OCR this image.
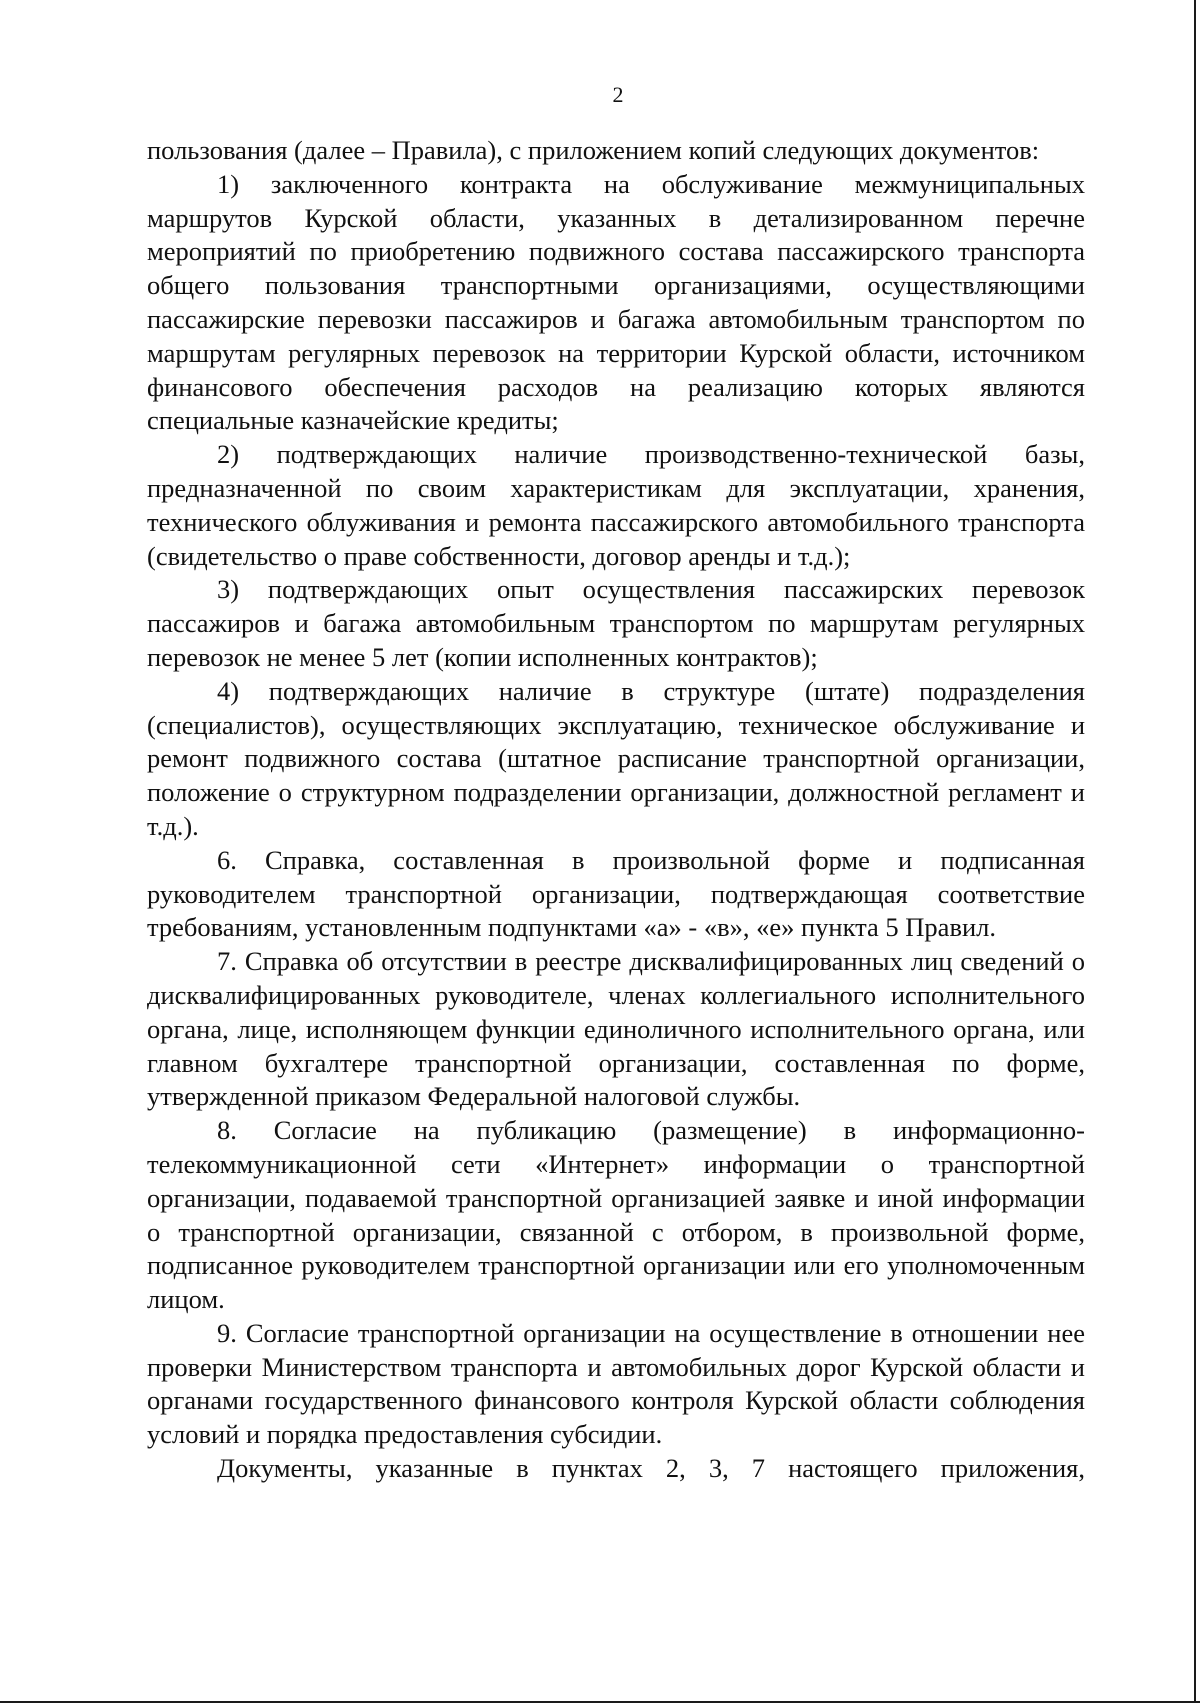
2

пользования (далее – Правила), с приложением копий следующих документов:

1) заключенного контракта на обслуживание межмуниципальных маршрутов Курской области, указанных в детализированном перечне мероприятий по приобретению подвижного состава пассажирского транспорта общего пользования транспортными организациями, осуществляющими пассажирские перевозки пассажиров и багажа автомобильным транспортом по маршрутам регулярных перевозок на территории Курской области, источником финансового обеспечения расходов на реализацию которых являются специальные казначейские кредиты;

2) подтверждающих наличие производственно-технической базы, предназначенной по своим характеристикам для эксплуатации, хранения, технического облуживания и ремонта пассажирского автомобильного транспорта (свидетельство о праве собственности, договор аренды и т.д.);

3) подтверждающих опыт осуществления пассажирских перевозок пассажиров и багажа автомобильным транспортом по маршрутам регулярных перевозок не менее 5 лет (копии исполненных контрактов);

4) подтверждающих наличие в структуре (штате) подразделения (специалистов), осуществляющих эксплуатацию, техническое обслуживание и ремонт подвижного состава (штатное расписание транспортной организации, положение о структурном подразделении организации, должностной регламент и т.д.).

6. Справка, составленная в произвольной форме и подписанная руководителем транспортной организации, подтверждающая соответствие требованиям, установленным подпунктами «а» - «в», «е» пункта 5 Правил.

7. Справка об отсутствии в реестре дисквалифицированных лиц сведений о дисквалифицированных руководителе, членах коллегиального исполнительного органа, лице, исполняющем функции единоличного исполнительного органа, или главном бухгалтере транспортной организации, составленная по форме, утвержденной приказом Федеральной налоговой службы.

8. Согласие на публикацию (размещение) в информационно-телекоммуникационной сети «Интернет» информации о транспортной организации, подаваемой транспортной организацией заявке и иной информации о транспортной организации, связанной с отбором, в произвольной форме, подписанное руководителем транспортной организации или его уполномоченным лицом.

9. Согласие транспортной организации на осуществление в отношении нее проверки Министерством транспорта и автомобильных дорог Курской области и органами государственного финансового контроля Курской области соблюдения условий и порядка предоставления субсидии.

Документы, указанные в пунктах 2, 3, 7 настоящего приложения,
